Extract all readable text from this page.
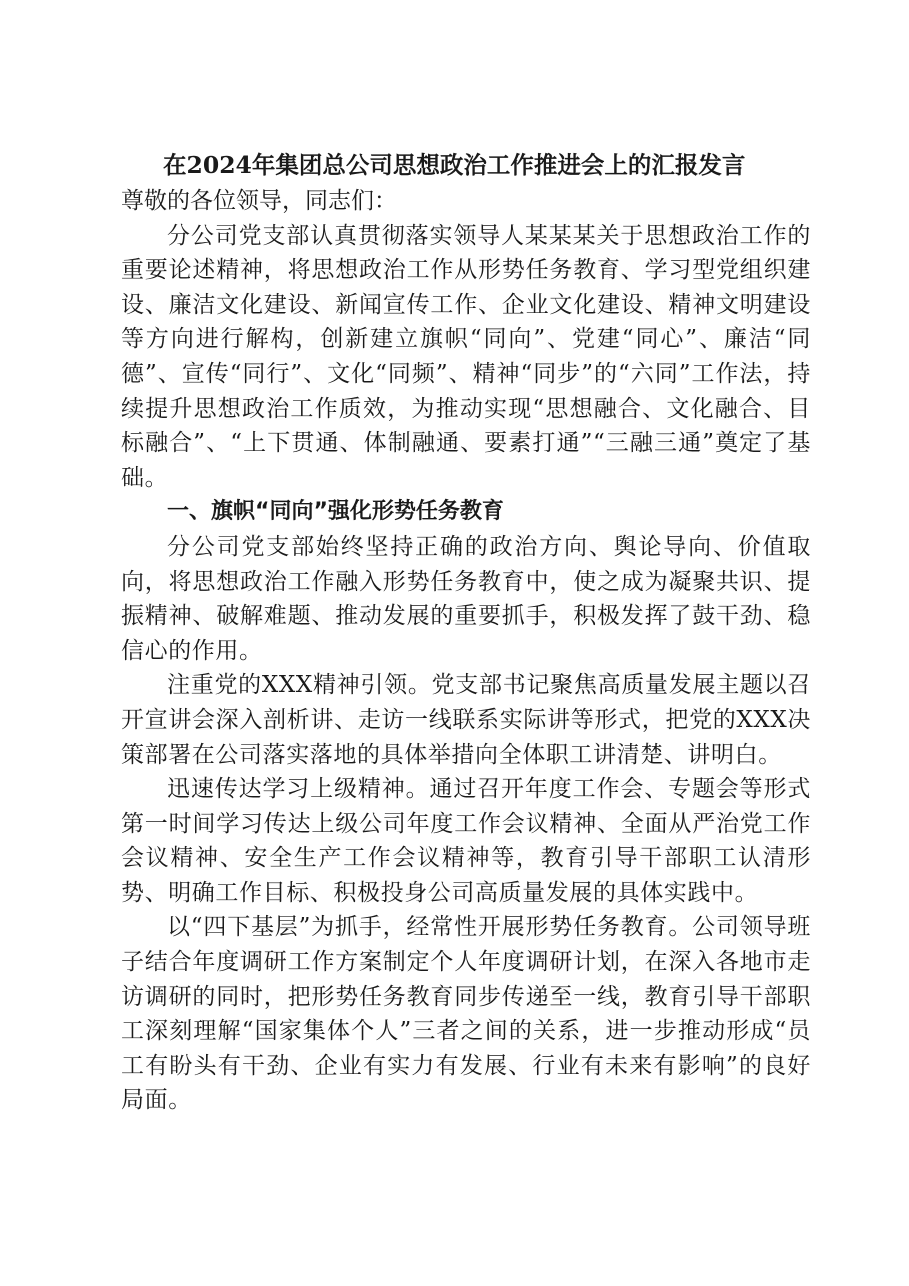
在2024年集团总公司思想政治工作推进会上的汇报发言

尊敬的各位领导，同志们：

分公司党支部认真贯彻落实领导人某某某关于思想政治工作的重要论述精神，将思想政治工作从形势任务教育、学习型党组织建设、廉洁文化建设、新闻宣传工作、企业文化建设、精神文明建设等方向进行解构，创新建立旗帜“同向”、党建“同心”、廉洁“同德”、宣传“同行”、文化“同频”、精神“同步”的“六同”工作法，持续提升思想政治工作质效，为推动实现“思想融合、文化融合、目标融合”、“上下贯通、体制融通、要素打通”“三融三通”奠定了基础。

一、旗帜“同向”强化形势任务教育

分公司党支部始终坚持正确的政治方向、舆论导向、价值取向，将思想政治工作融入形势任务教育中，使之成为凝聚共识、提振精神、破解难题、推动发展的重要抓手，积极发挥了鼓干劲、稳信心的作用。

注重党的XXX精神引领。党支部书记聚焦高质量发展主题以召开宣讲会深入剖析讲、走访一线联系实际讲等形式，把党的XXX决策部署在公司落实落地的具体举措向全体职工讲清楚、讲明白。

迅速传达学习上级精神。通过召开年度工作会、专题会等形式第一时间学习传达上级公司年度工作会议精神、全面从严治党工作会议精神、安全生产工作会议精神等，教育引导干部职工认清形势、明确工作目标、积极投身公司高质量发展的具体实践中。

以“四下基层”为抓手，经常性开展形势任务教育。公司领导班子结合年度调研工作方案制定个人年度调研计划，在深入各地市走访调研的同时，把形势任务教育同步传递至一线，教育引导干部职工深刻理解“国家集体个人”三者之间的关系，进一步推动形成“员工有盼头有干劲、企业有实力有发展、行业有未来有影响”的良好局面。
